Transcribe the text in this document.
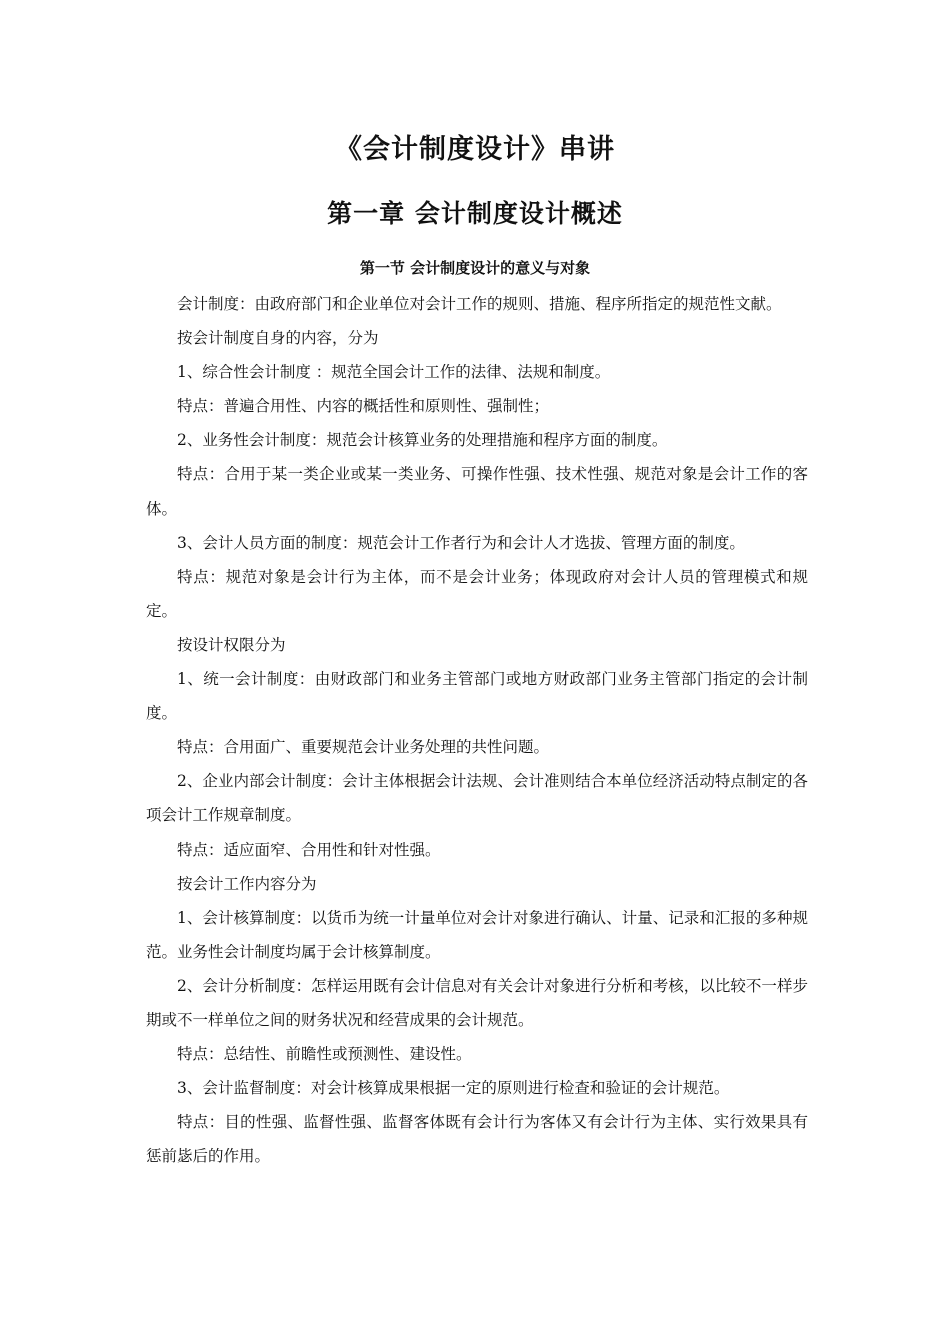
《会计制度设计》串讲
第一章 会计制度设计概述
第一节 会计制度设计的意义与对象

会计制度：由政府部门和企业单位对会计工作的规则、措施、程序所指定的规范性文献。

按会计制度自身的内容，分为

1、综合性会计制度 ：规范全国会计工作的法律、法规和制度。

特点：普遍合用性、内容的概括性和原则性、强制性；

2、业务性会计制度：规范会计核算业务的处理措施和程序方面的制度。

特点：合用于某一类企业或某一类业务、可操作性强、技术性强、规范对象是会计工作的客体。

3、会计人员方面的制度：规范会计工作者行为和会计人才选拔、管理方面的制度。

特点：规范对象是会计行为主体，而不是会计业务；体现政府对会计人员的管理模式和规定。

按设计权限分为

1、统一会计制度：由财政部门和业务主管部门或地方财政部门业务主管部门指定的会计制度。

特点：合用面广、重要规范会计业务处理的共性问题。

2、企业内部会计制度：会计主体根据会计法规、会计准则结合本单位经济活动特点制定的各项会计工作规章制度。

特点：适应面窄、合用性和针对性强。

按会计工作内容分为

1、会计核算制度：以货币为统一计量单位对会计对象进行确认、计量、记录和汇报的多种规范。业务性会计制度均属于会计核算制度。

2、会计分析制度：怎样运用既有会计信息对有关会计对象进行分析和考核，以比较不一样步期或不一样单位之间的财务状况和经营成果的会计规范。

特点：总结性、前瞻性或预测性、建设性。

3、会计监督制度：对会计核算成果根据一定的原则进行检查和验证的会计规范。

特点：目的性强、监督性强、监督客体既有会计行为客体又有会计行为主体、实行效果具有惩前毖后的作用。
